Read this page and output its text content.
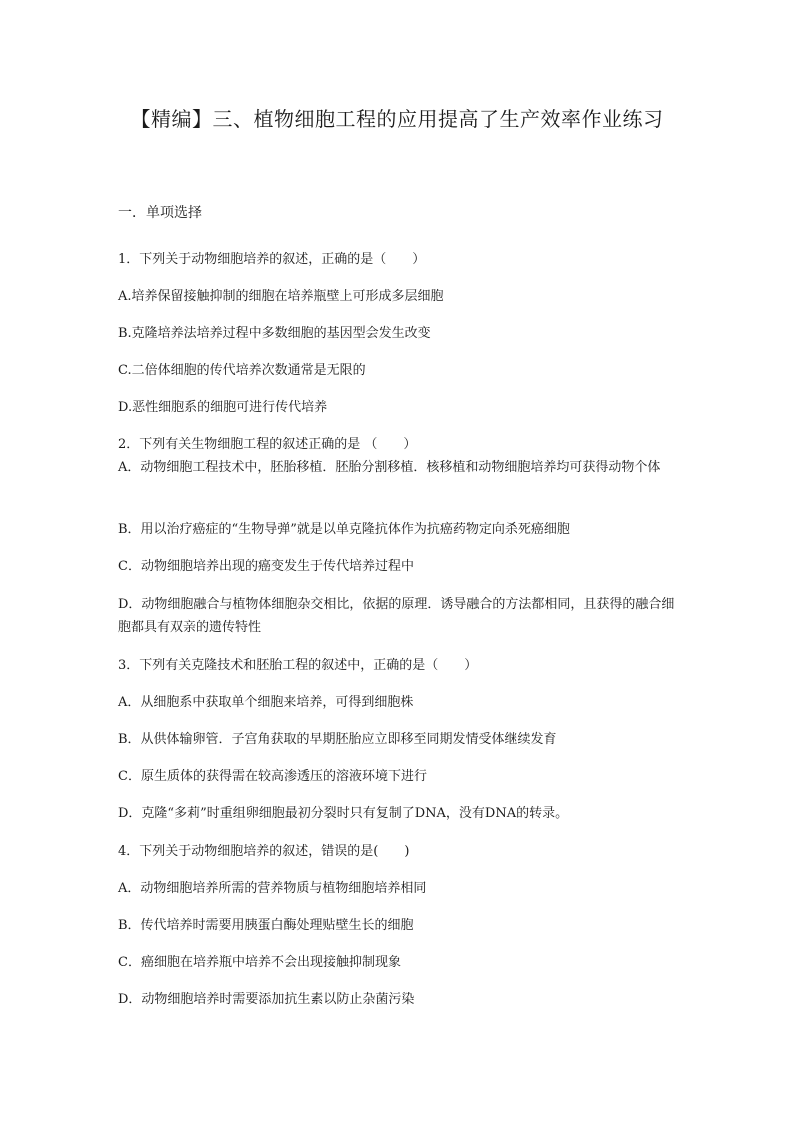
【精编】三、植物细胞工程的应用提高了生产效率作业练习
一．单项选择
1．下列关于动物细胞培养的叙述，正确的是（　　）
A.培养保留接触抑制的细胞在培养瓶壁上可形成多层细胞
B.克隆培养法培养过程中多数细胞的基因型会发生改变
C.二倍体细胞的传代培养次数通常是无限的
D.恶性细胞系的细胞可进行传代培养
2．下列有关生物细胞工程的叙述正确的是 （　　）
A．动物细胞工程技术中，胚胎移植．胚胎分割移植．核移植和动物细胞培养均可获得动物个体
B．用以治疗癌症的“生物导弹”就是以单克隆抗体作为抗癌药物定向杀死癌细胞
C．动物细胞培养出现的癌变发生于传代培养过程中
D．动物细胞融合与植物体细胞杂交相比，依据的原理．诱导融合的方法都相同，且获得的融合细胞都具有双亲的遗传特性
3．下列有关克隆技术和胚胎工程的叙述中，正确的是（　　）
A．从细胞系中获取单个细胞来培养，可得到细胞株
B．从供体输卵管．子宫角获取的早期胚胎应立即移至同期发情受体继续发育
C．原生质体的获得需在较高渗透压的溶液环境下进行
D．克隆“多莉”时重组卵细胞最初分裂时只有复制了DNA，没有DNA的转录。
4．下列关于动物细胞培养的叙述，错误的是(　　)
A．动物细胞培养所需的营养物质与植物细胞培养相同
B．传代培养时需要用胰蛋白酶处理贴壁生长的细胞
C．癌细胞在培养瓶中培养不会出现接触抑制现象
D．动物细胞培养时需要添加抗生素以防止杂菌污染
